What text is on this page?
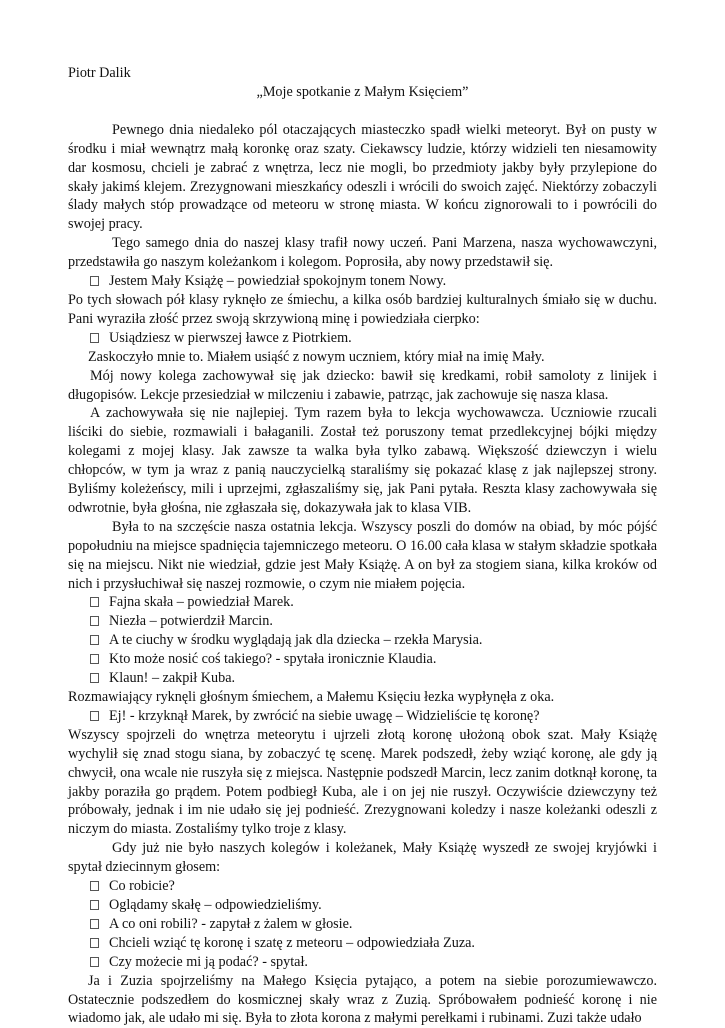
Piotr Dalik

„Moje spotkanie z Małym Księciem”

Pewnego dnia niedaleko pól otaczających miasteczko spadł wielki meteoryt. Był on pusty w środku i miał wewnątrz małą koronkę oraz szaty. Ciekawscy ludzie, którzy widzieli ten niesamowity dar kosmosu, chcieli je zabrać z wnętrza, lecz nie mogli, bo przedmioty jakby były przylepione do skały jakimś klejem. Zrezygnowani mieszkańcy odeszli i wrócili do swoich zajęć. Niektórzy zobaczyli ślady małych stóp prowadzące od meteoru w stronę miasta. W końcu zignorowali to i powrócili do swojej pracy.

Tego samego dnia do naszej klasy trafił nowy uczeń. Pani Marzena, nasza wychowawczyni, przedstawiła go naszym koleżankom i kolegom. Poprosiła, aby nowy przedstawił się.

Jestem Mały Książę – powiedział spokojnym tonem Nowy.

Po tych słowach pół klasy ryknęło ze śmiechu, a kilka osób bardziej kulturalnych śmiało się w duchu. Pani wyraziła złość przez swoją skrzywioną minę i powiedziała cierpko:

Usiądziesz w pierwszej ławce z Piotrkiem.

Zaskoczyło mnie to. Miałem usiąść z nowym uczniem, który miał na imię Mały.

Mój nowy kolega zachowywał się jak dziecko: bawił się kredkami, robił samoloty z linijek i długopisów. Lekcje przesiedział w milczeniu i zabawie, patrząc, jak zachowuje się nasza klasa.

A zachowywała się nie najlepiej. Tym razem była to lekcja wychowawcza. Uczniowie rzucali liściki do siebie, rozmawiali i bałaganili. Został też poruszony temat przedlekcyjnej bójki między kolegami z mojej klasy. Jak zawsze ta walka była tylko zabawą. Większość dziewczyn i wielu chłopców, w tym ja wraz z panią nauczycielką staraliśmy się pokazać klasę z jak najlepszej strony. Byliśmy koleżeńscy, mili i uprzejmi, zgłaszaliśmy się, jak Pani pytała. Reszta klasy zachowywała się odwrotnie, była głośna, nie zgłaszała się, dokazywała jak to klasa VIB.

Była to na szczęście nasza ostatnia lekcja. Wszyscy poszli do domów na obiad, by móc pójść popołudniu na miejsce spadnięcia tajemniczego meteoru. O 16.00 cała klasa w stałym składzie spotkała się na miejscu. Nikt nie wiedział, gdzie jest Mały Książę. A on był za stogiem siana, kilka kroków od nich i przysłuchiwał się naszej rozmowie, o czym nie miałem pojęcia.

Fajna skała – powiedział Marek.
Niezła – potwierdził Marcin.
A te ciuchy w środku wyglądają jak dla dziecka – rzekła Marysia.
Kto może nosić coś takiego? - spytała ironicznie Klaudia.
Klaun! – zakpił Kuba.

Rozmawiający ryknęli głośnym śmiechem, a Małemu Księciu łezka wypłynęła z oka.

Ej! - krzyknął Marek, by zwrócić na siebie uwagę – Widzieliście tę koronę?

Wszyscy spojrzeli do wnętrza meteorytu i ujrzeli złotą koronę ułożoną obok szat. Mały Książę wychylił się znad stogu siana, by zobaczyć tę scenę. Marek podszedł, żeby wziąć koronę, ale gdy ją chwycił, ona wcale nie ruszyła się z miejsca. Następnie podszedł Marcin, lecz zanim dotknął koronę, ta jakby poraziła go prądem. Potem podbiegł Kuba, ale i on jej nie ruszył. Oczywiście dziewczyny też próbowały, jednak i im nie udało się jej podnieść. Zrezygnowani koledzy i nasze koleżanki odeszli z niczym do miasta. Zostaliśmy tylko troje z klasy.

Gdy już nie było naszych kolegów i koleżanek, Mały Książę wyszedł ze swojej kryjówki i spytał dziecinnym głosem:

Co robicie?
Oglądamy skałę – odpowiedzieliśmy.
A co oni robili? - zapytał z żalem w głosie.
Chcieli wziąć tę koronę i szatę z meteoru – odpowiedziała Zuza.
Czy możecie mi ją podać? - spytał.

Ja i Zuzia spojrzeliśmy na Małego Księcia pytająco, a potem na siebie porozumiewawczo. Ostatecznie podszedłem do kosmicznej skały wraz z Zuzią. Spróbowałem podnieść koronę i nie wiadomo jak, ale udało mi się. Była to złota korona z małymi perełkami i rubinami. Zuzi także udało
